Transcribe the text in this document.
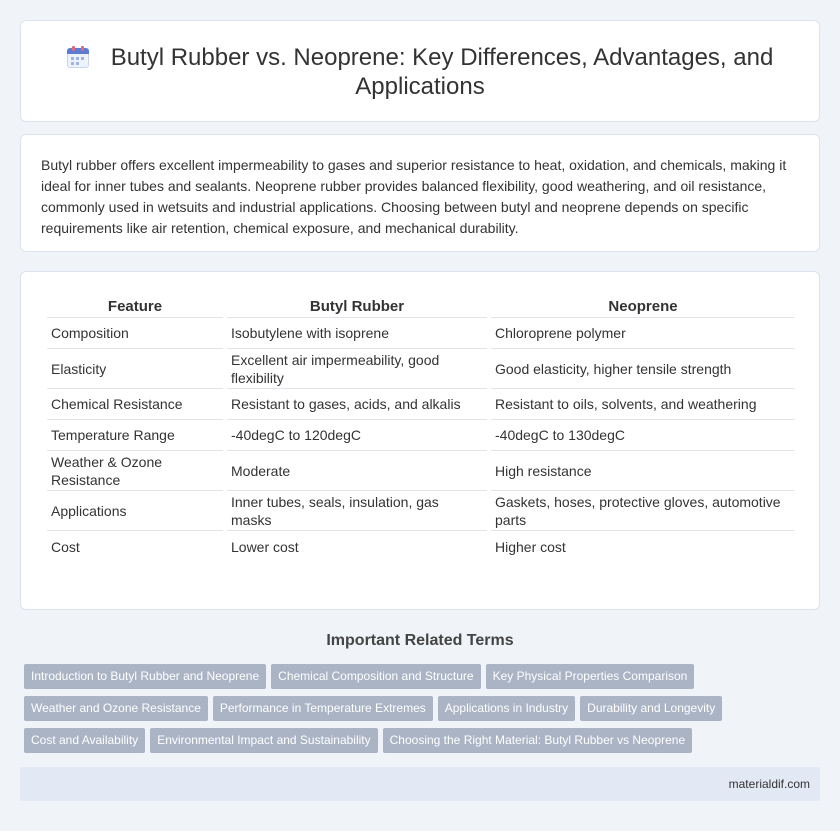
Butyl Rubber vs. Neoprene: Key Differences, Advantages, and Applications

Butyl rubber offers excellent impermeability to gases and superior resistance to heat, oxidation, and chemicals, making it ideal for inner tubes and sealants. Neoprene rubber provides balanced flexibility, good weathering, and oil resistance, commonly used in wetsuits and industrial applications. Choosing between butyl and neoprene depends on specific requirements like air retention, chemical exposure, and mechanical durability.

Feature	Butyl Rubber	Neoprene
Composition	Isobutylene with isoprene	Chloroprene polymer
Elasticity	Excellent air impermeability, good flexibility	Good elasticity, higher tensile strength
Chemical Resistance	Resistant to gases, acids, and alkalis	Resistant to oils, solvents, and weathering
Temperature Range	-40degC to 120degC	-40degC to 130degC
Weather & Ozone Resistance	Moderate	High resistance
Applications	Inner tubes, seals, insulation, gas masks	Gaskets, hoses, protective gloves, automotive parts
Cost	Lower cost	Higher cost
Important Related Terms
Introduction to Butyl Rubber and Neoprene Chemical Composition and Structure Key Physical Properties Comparison
Weather and Ozone Resistance Performance in Temperature Extremes Applications in Industry Durability and Longevity
Cost and Availability Environmental Impact and Sustainability Choosing the Right Material: Butyl Rubber vs Neoprene
materialdif.com
